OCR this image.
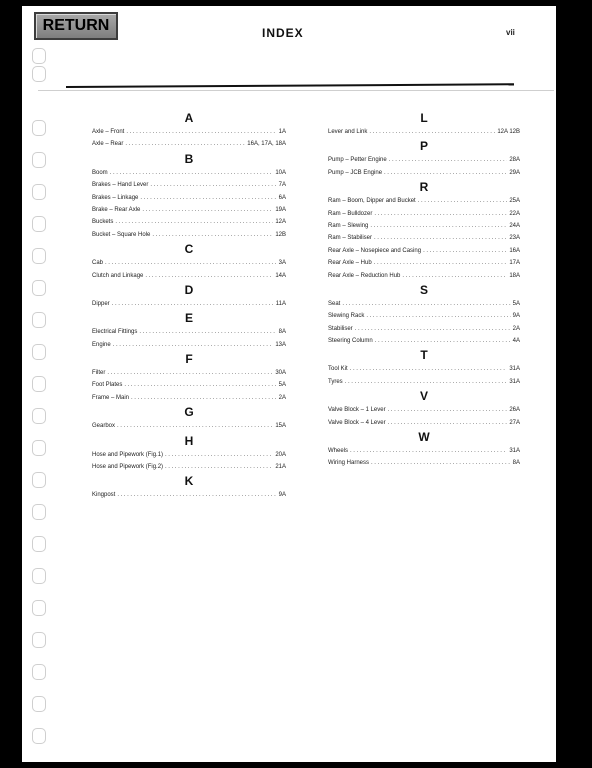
RETURN	INDEX	vii
A
Axle – Front .....	1A
Axle – Rear .....	16A, 17A, 18A
B
Boom .....	10A
Brakes – Hand Lever .....	7A
Brakes – Linkage .....	6A
Brake – Rear Axle .....	19A
Buckets .....	12A
Bucket – Square Hole .....	12B
C
Cab .....	3A
Clutch and Linkage .....	14A
D
Dipper .....	11A
E
Electrical Fittings .....	8A
Engine .....	13A
F
Filter .....	30A
Foot Plates .....	5A
Frame – Main .....	2A
G
Gearbox .....	15A
H
Hose and Pipework (Fig.1) .....	20A
Hose and Pipework (Fig.2) .....	21A
K
Kingpost .....	9A
L
Lever and Link .....	12A 12B
P
Pump – Petter Engine .....	28A
Pump – JCB Engine .....	29A
R
Ram – Boom, Dipper and Bucket .....	25A
Ram – Bulldozer .....	22A
Ram – Slewing .....	24A
Ram – Stabiliser .....	23A
Rear Axle – Nosepiece and Casing .....	16A
Rear Axle – Hub .....	17A
Rear Axle – Reduction Hub .....	18A
S
Seat .....	5A
Slewing Rack .....	9A
Stabiliser .....	2A
Steering Column .....	4A
T
Tool Kit .....	31A
Tyres .....	31A
V
Valve Block – 1 Lever .....	26A
Valve Block – 4 Lever .....	27A
W
Wheels .....	31A
Wiring Harness .....	8A
